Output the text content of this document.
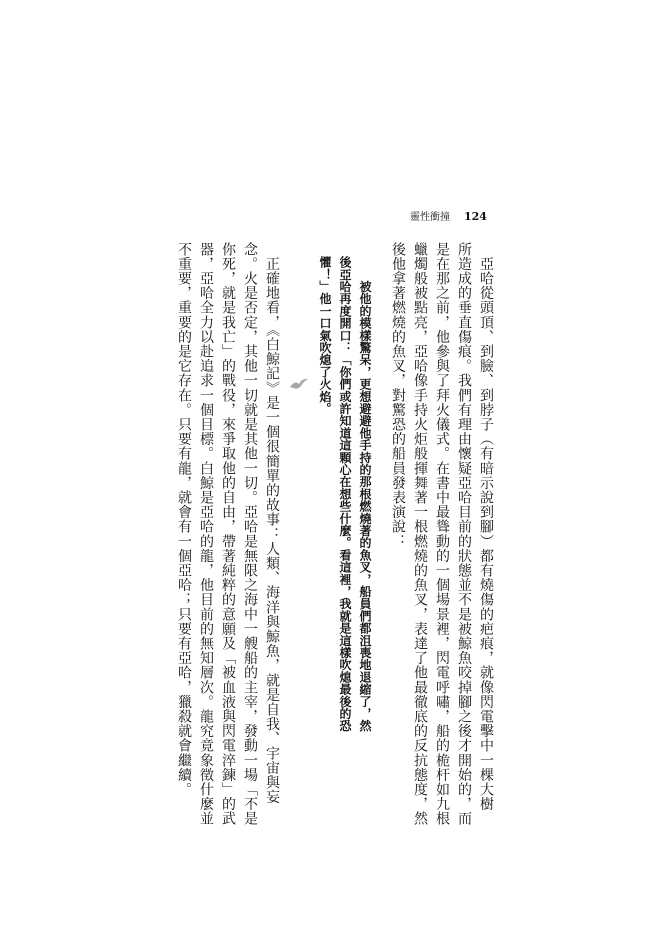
靈性衝撞 124
　亞哈從頭頂、到臉、到脖子（有暗示說到腳）都有燒傷的疤痕，就像閃電擊中一棵大樹
所造成的垂直傷痕。我們有理由懷疑亞哈目前的狀態並不是被鯨魚咬掉腳之後才開始的，而
是在那之前，他參與了拜火儀式。在書中最聳動的一個場景裡，閃電呼嘯，船的桅杆如九根
蠟燭般被點亮，亞哈像手持火炬般揮舞著一根燃燒的魚叉，表達了他最徹底的反抗態度，然
後他拿著燃燒的魚叉，對驚恐的船員發表演說：
　　被他的模樣驚呆，更想避避他手持的那根燃燒著的魚叉，船員們都沮喪地退縮了，然
後亞哈再度開口：「你們或許知道這顆心在想些什麼。看這裡，我就是這樣吹熄最後的恐
懼！」他一口氣吹熄了火焰。
　正確地看，《白鯨記》是一個很簡單的故事：人類、海洋與鯨魚，就是自我、宇宙與妄
念。火是否定，其他一切就是其他一切。亞哈是無限之海中一艘船的主宰，發動一場「不是
你死，就是我亡」的戰役，來爭取他的自由，帶著純粹的意願及「被血液與閃電淬鍊」的武
器，亞哈全力以赴追求一個目標。白鯨是亞哈的龍，他目前的無知層次。龍究竟象徵什麼並
不重要，重要的是它存在。只要有龍，就會有一個亞哈；只要有亞哈，獵殺就會繼續。
